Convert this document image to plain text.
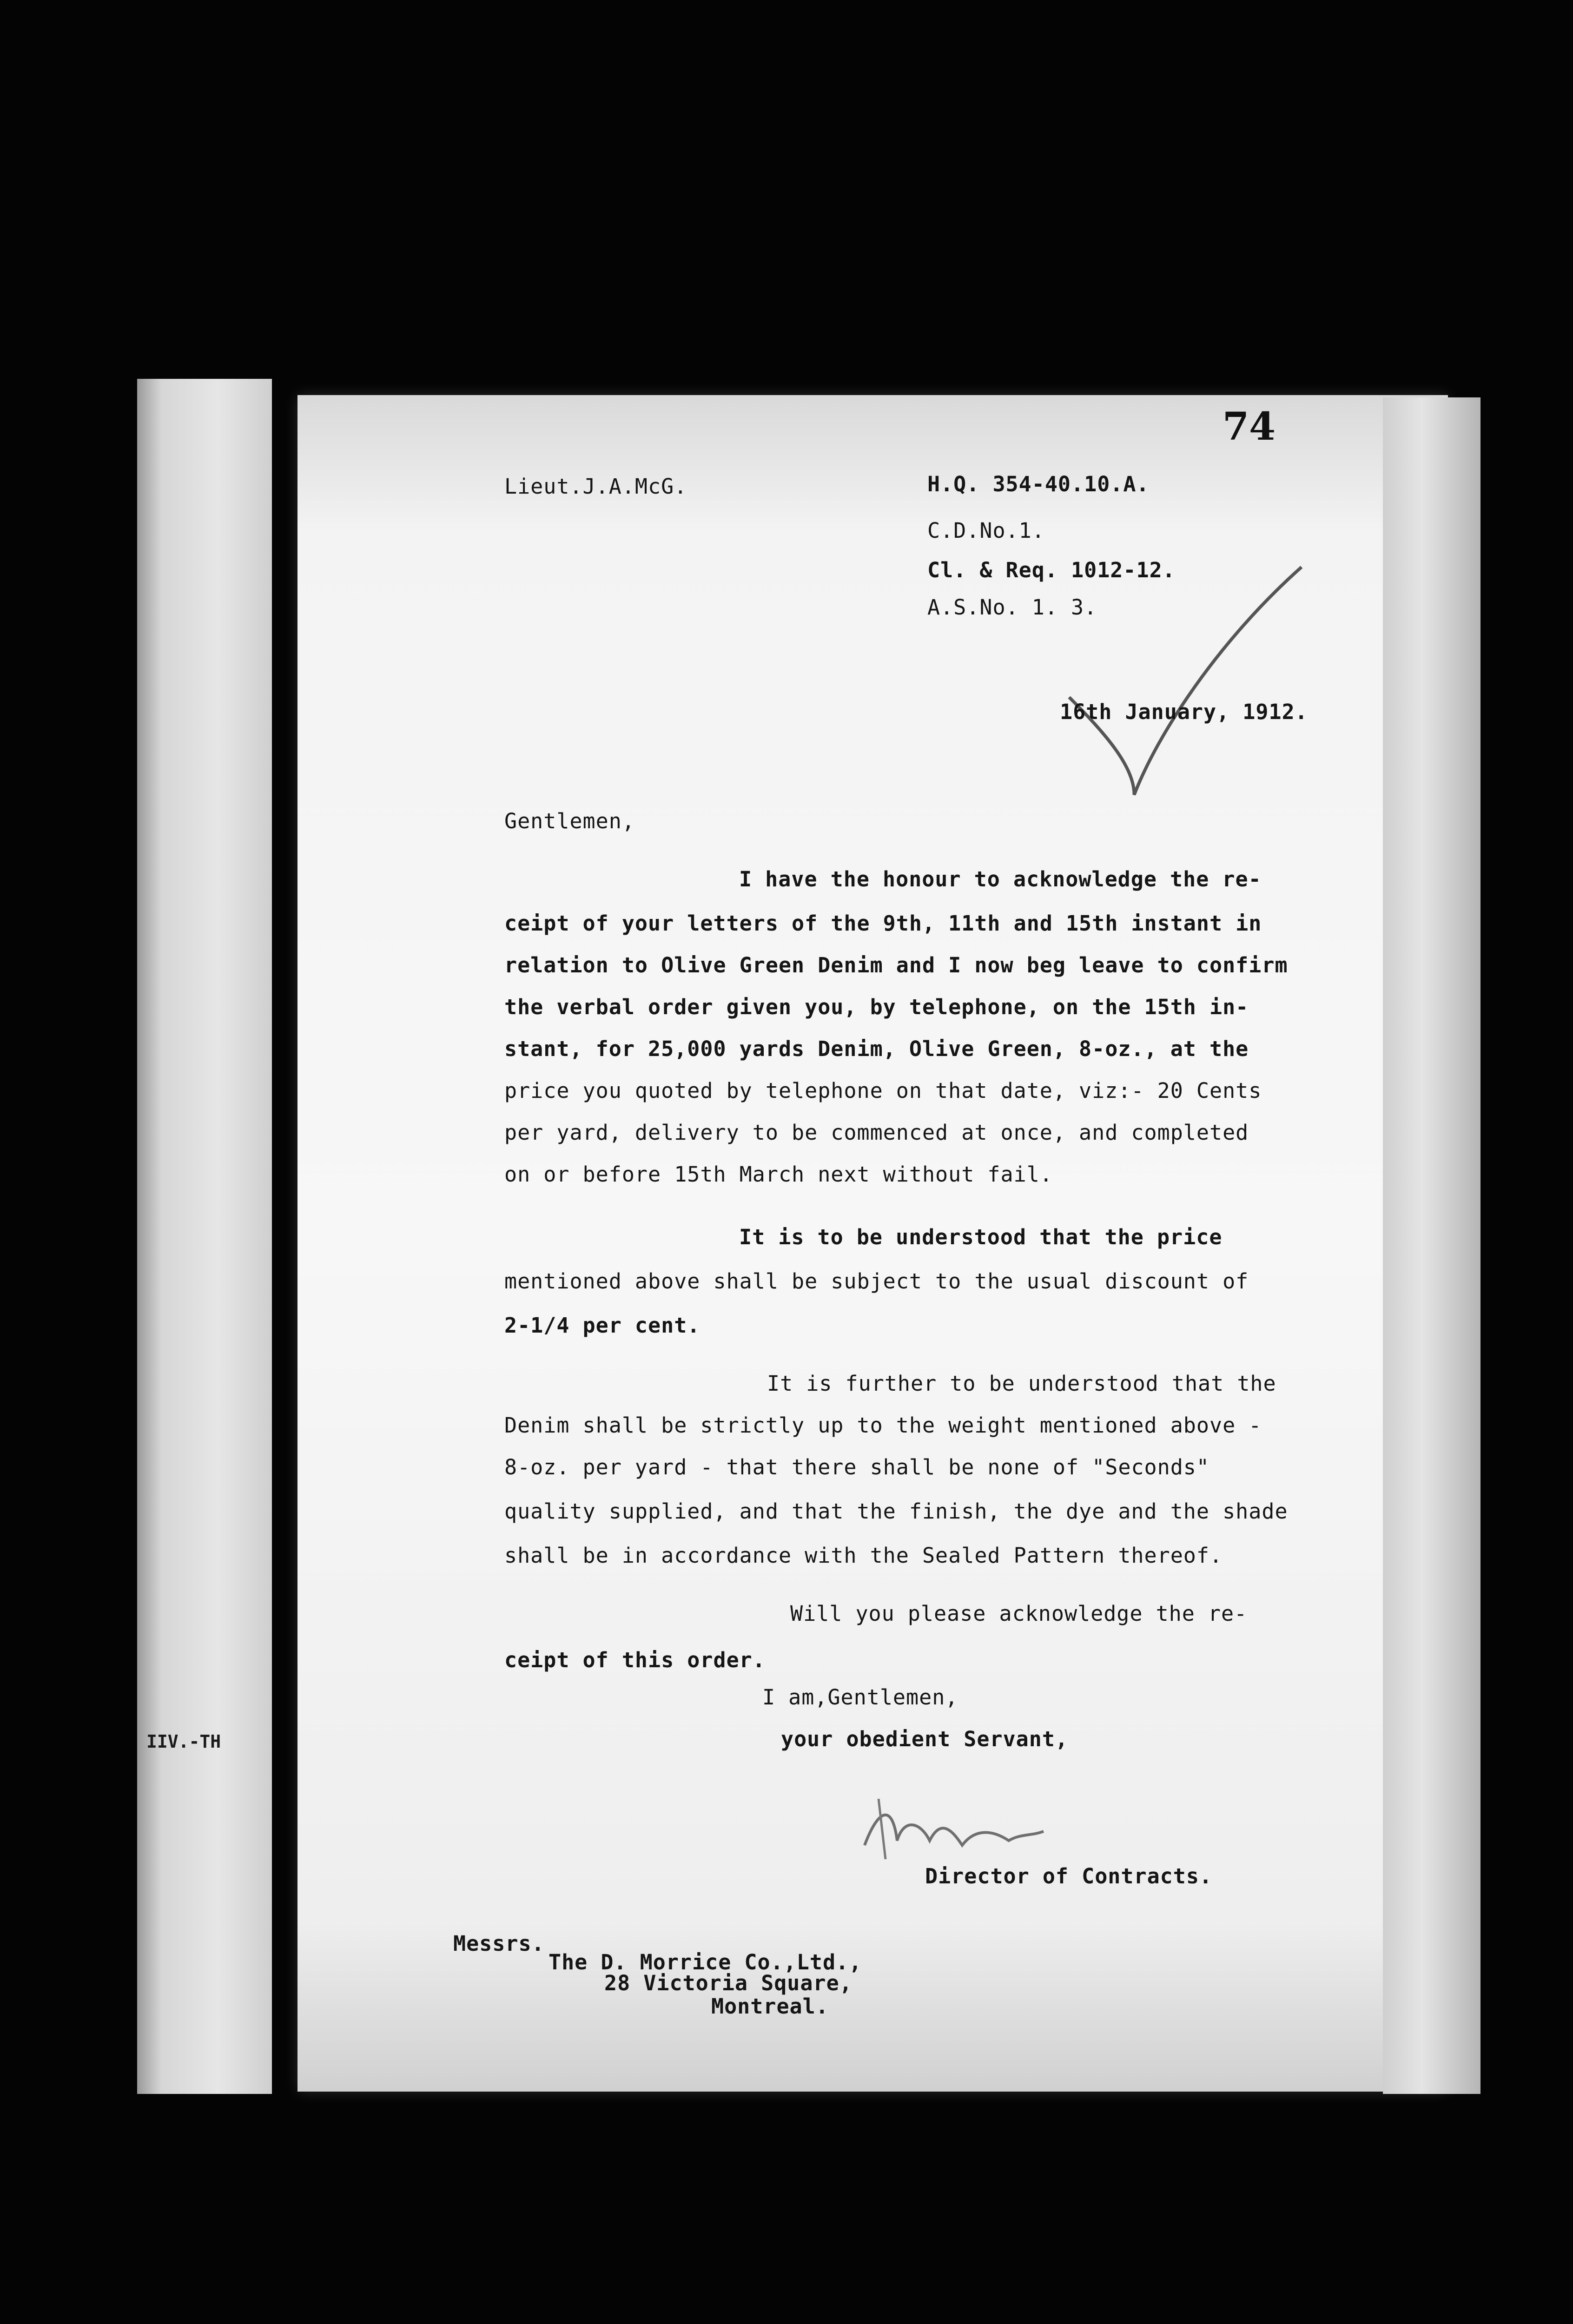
IIV.-TH
74
Lieut.J.A.McG.	H.Q. 354-40.10.A.
C.D.No.1.
Cl. & Req. 1012-12.
A.S.No. 1. 3.
16th January, 1912.
Gentlemen,
I have the honour to acknowledge the re-
ceipt of your letters of the 9th, 11th and 15th instant in
relation to Olive Green Denim and I now beg leave to confirm
the verbal order given you, by telephone, on the 15th in-
stant, for 25,000 yards Denim, Olive Green, 8-oz., at the
price you quoted by telephone on that date, viz:- 20 Cents
per yard, delivery to be commenced at once, and completed
on or before 15th March next without fail.
It is to be understood that the price
mentioned above shall be subject to the usual discount of
2-1/4 per cent.
It is further to be understood that the
Denim shall be strictly up to the weight mentioned above -
8-oz. per yard - that there shall be none of "Seconds"
quality supplied, and that the finish, the dye and the shade
shall be in accordance with the Sealed Pattern thereof.
Will you please acknowledge the re-
ceipt of this order.
I am,Gentlemen,
your obedient Servant,
Director of Contracts.
Messrs.
The D. Morrice Co.,Ltd.,
28 Victoria Square,
Montreal.
